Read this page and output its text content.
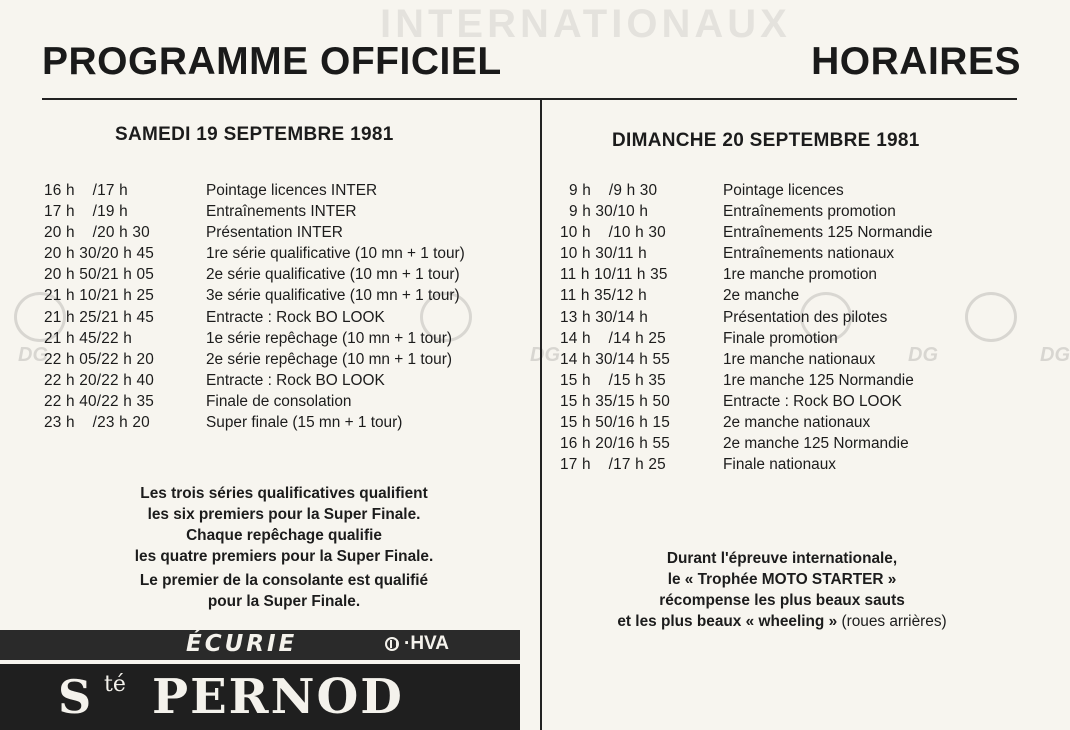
INTERNATIONAUX
DG	DG	DG	DG
PROGRAMME OFFICIEL	HORAIRES
SAMEDI 19 SEPTEMBRE 1981	DIMANCHE 20 SEPTEMBRE 1981
16 h    /17 h	Pointage licences INTER
17 h    /19 h	Entraînements INTER
20 h    /20 h 30	Présentation INTER
20 h 30/20 h 45	1re série qualificative (10 mn + 1 tour)
20 h 50/21 h 05	2e série qualificative (10 mn + 1 tour)
21 h 10/21 h 25	3e série qualificative (10 mn + 1 tour)
21 h 25/21 h 45	Entracte : Rock BO LOOK
21 h 45/22 h	1e série repêchage (10 mn + 1 tour)
22 h 05/22 h 20	2e série repêchage (10 mn + 1 tour)
22 h 20/22 h 40	Entracte : Rock BO LOOK
22 h 40/22 h 35	Finale de consolation
23 h    /23 h 20	Super finale (15 mn + 1 tour)
9 h    /9 h 30	Pointage licences
9 h 30/10 h	Entraînements promotion
10 h    /10 h 30	Entraînements 125 Normandie
10 h 30/11 h	Entraînements nationaux
11 h 10/11 h 35	1re manche promotion
11 h 35/12 h	2e manche
13 h 30/14 h	Présentation des pilotes
14 h    /14 h 25	Finale promotion
14 h 30/14 h 55	1re manche nationaux
15 h    /15 h 35	1re manche 125 Normandie
15 h 35/15 h 50	Entracte : Rock BO LOOK
15 h 50/16 h 15	2e manche nationaux
16 h 20/16 h 55	2e manche 125 Normandie
17 h    /17 h 25	Finale nationaux

Les trois séries qualificatives qualifient

les six premiers pour la Super Finale.

Chaque repêchage qualifie

les quatre premiers pour la Super Finale.

Le premier de la consolante est qualifié

pour la Super Finale.

Durant l'épreuve internationale,

le « Trophée MOTO STARTER »

récompense les plus beaux sauts

et les plus beaux « wheeling » (roues arrières)

ÉCURIE	·HVA
S té PERNOD
